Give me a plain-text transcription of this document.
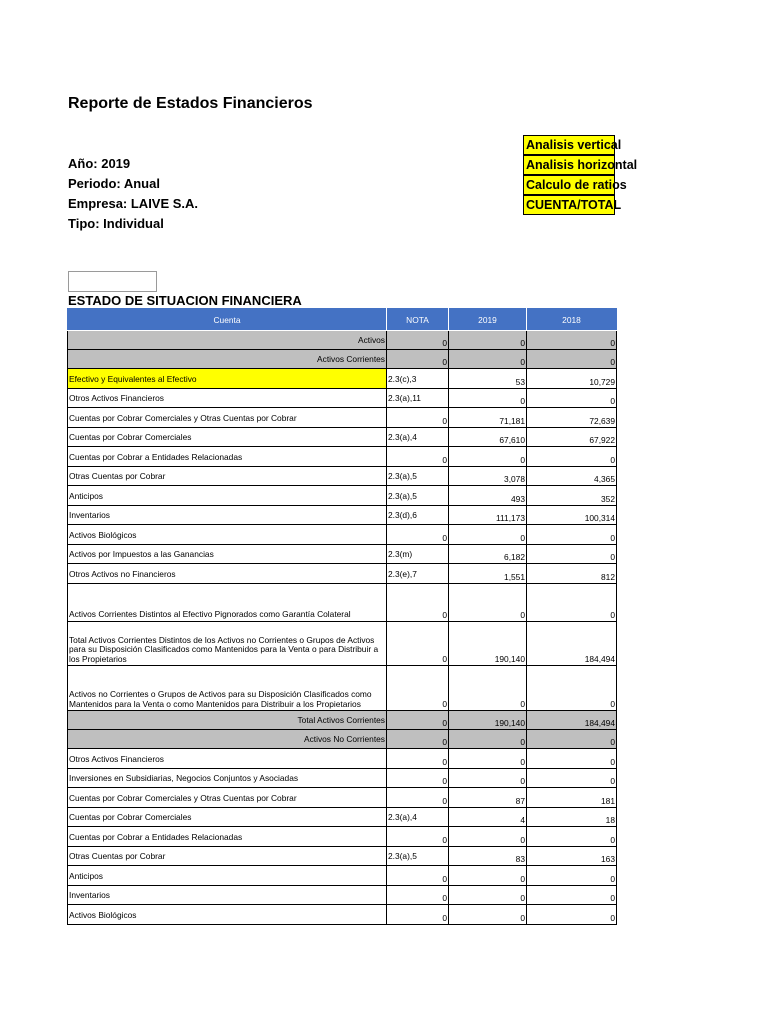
Reporte de Estados Financieros
Año: 2019
Periodo: Anual
Empresa: LAIVE S.A.
Tipo: Individual
Analisis vertical
Analisis horizontal
Calculo de ratios
CUENTA/TOTAL
ESTADO DE SITUACION FINANCIERA
Cuenta	NOTA	2019	2018
Activos	0	0	0
Activos Corrientes	0	0	0
Efectivo y Equivalentes al Efectivo	2.3(c),3	53	10,729
Otros Activos Financieros	2.3(a),11	0	0
Cuentas por Cobrar Comerciales y Otras Cuentas por Cobrar	0	71,181	72,639
Cuentas por Cobrar Comerciales	2.3(a),4	67,610	67,922
Cuentas por Cobrar a Entidades Relacionadas	0	0	0
Otras Cuentas por Cobrar	2.3(a),5	3,078	4,365
Anticipos	2.3(a),5	493	352
Inventarios	2.3(d),6	111,173	100,314
Activos Biológicos	0	0	0
Activos por Impuestos a las Ganancias	2.3(m)	6,182	0
Otros Activos no Financieros	2.3(e),7	1,551	812
Activos Corrientes Distintos al Efectivo Pignorados como Garantía Colateral	0	0	0
Total Activos Corrientes Distintos de los Activos no Corrientes o Grupos de Activos para su Disposición Clasificados como Mantenidos para la Venta o para Distribuir a los Propietarios	0	190,140	184,494
Activos no Corrientes o Grupos de Activos para su Disposición Clasificados como Mantenidos para la Venta o como Mantenidos para Distribuir a los Propietarios	0	0	0
Total Activos Corrientes	0	190,140	184,494
Activos No Corrientes	0	0	0
Otros Activos Financieros	0	0	0
Inversiones en Subsidiarias, Negocios Conjuntos y Asociadas	0	0	0
Cuentas por Cobrar Comerciales y Otras Cuentas por Cobrar	0	87	181
Cuentas por Cobrar Comerciales	2.3(a),4	4	18
Cuentas por Cobrar a Entidades Relacionadas	0	0	0
Otras Cuentas por Cobrar	2.3(a),5	83	163
Anticipos	0	0	0
Inventarios	0	0	0
Activos Biológicos	0	0	0
